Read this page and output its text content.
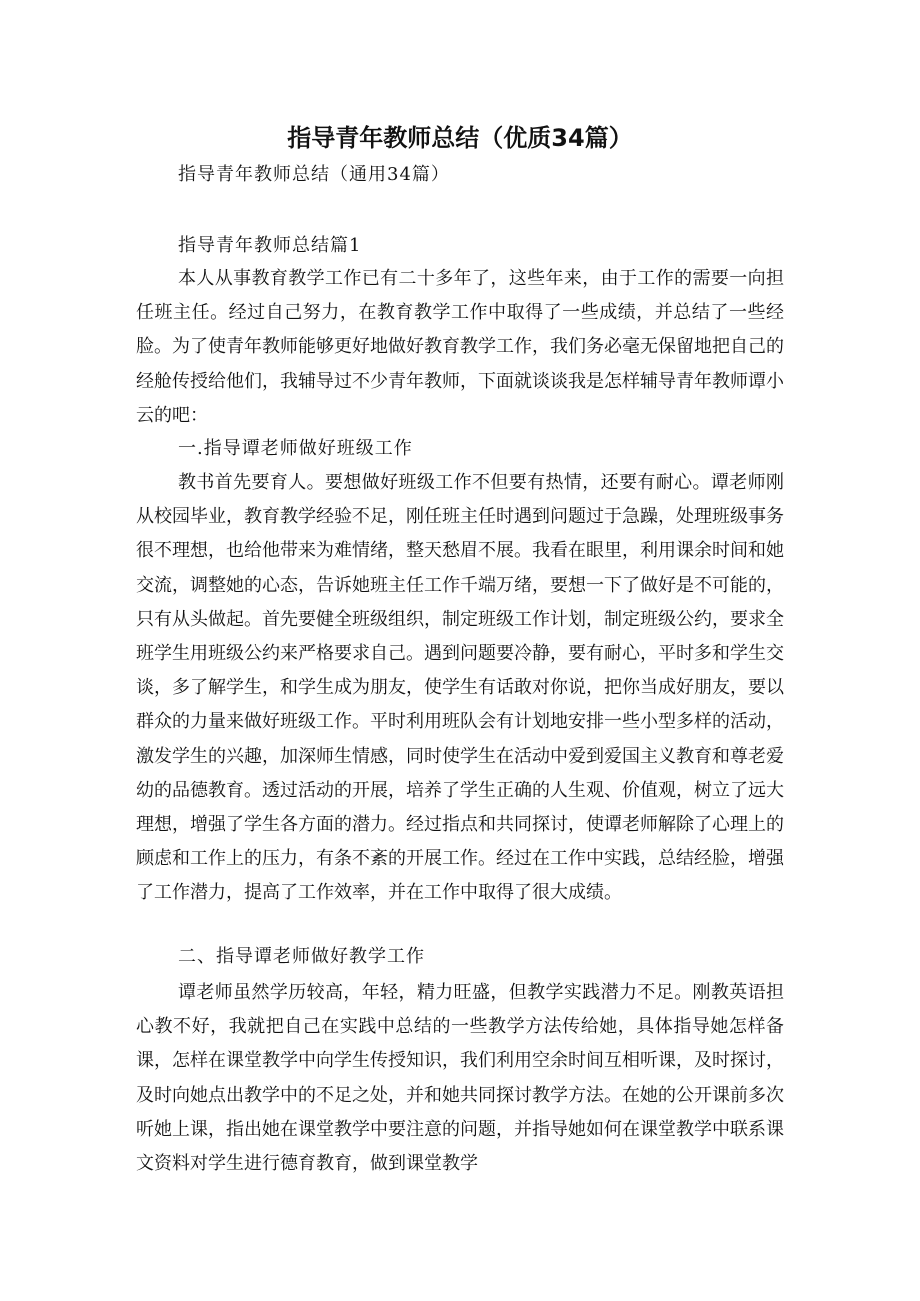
指导青年教师总结（优质34篇）
指导青年教师总结（通用34篇）
指导青年教师总结篇1

本人从事教育教学工作已有二十多年了，这些年来，由于工作的需要一向担任班主任。经过自己努力，在教育教学工作中取得了一些成绩，并总结了一些经脸。为了使青年教师能够更好地做好教育教学工作，我们务必毫无保留地把自己的经舱传授给他们，我辅导过不少青年教师，下面就谈谈我是怎样辅导青年教师谭小云的吧：

一.指导谭老师做好班级工作

教书首先要育人。要想做好班级工作不但要有热情，还要有耐心。谭老师刚从校园毕业，教育教学经验不足，刚任班主任时遇到问题过于急躁，处理班级事务很不理想，也给他带来为难情绪，整天愁眉不展。我看在眼里，利用课余时间和她交流，调整她的心态，告诉她班主任工作千端万绪，要想一下了做好是不可能的，只有从头做起。首先要健全班级组织，制定班级工作计划，制定班级公约，要求全班学生用班级公约来严格要求自己。遇到问题要冷静，要有耐心，平时多和学生交谈，多了解学生，和学生成为朋友，使学生有话敢对你说，把你当成好朋友，要以群众的力量来做好班级工作。平时利用班队会有计划地安排一些小型多样的活动，激发学生的兴趣，加深师生情感，同时使学生在活动中爱到爱国主义教育和尊老爱幼的品德教育。透过活动的开展，培养了学生正确的人生观、价值观，树立了远大理想，增强了学生各方面的潜力。经过指点和共同探讨，使谭老师解除了心理上的顾虑和工作上的压力，有条不紊的开展工作。经过在工作中实践，总结经脸，增强了工作潜力，提高了工作效率，并在工作中取得了很大成绩。

二、指导谭老师做好教学工作

谭老师虽然学历较高，年轻，精力旺盛，但教学实践潜力不足。刚教英语担心教不好，我就把自己在实践中总结的一些教学方法传给她，具体指导她怎样备课，怎样在课堂教学中向学生传授知识，我们利用空余时间互相听课，及时探讨，及时向她点出教学中的不足之处，并和她共同探讨教学方法。在她的公开课前多次听她上课，指出她在课堂教学中要注意的问题，并指导她如何在课堂教学中联系课文资料对学生进行德育教育，做到课堂教学
